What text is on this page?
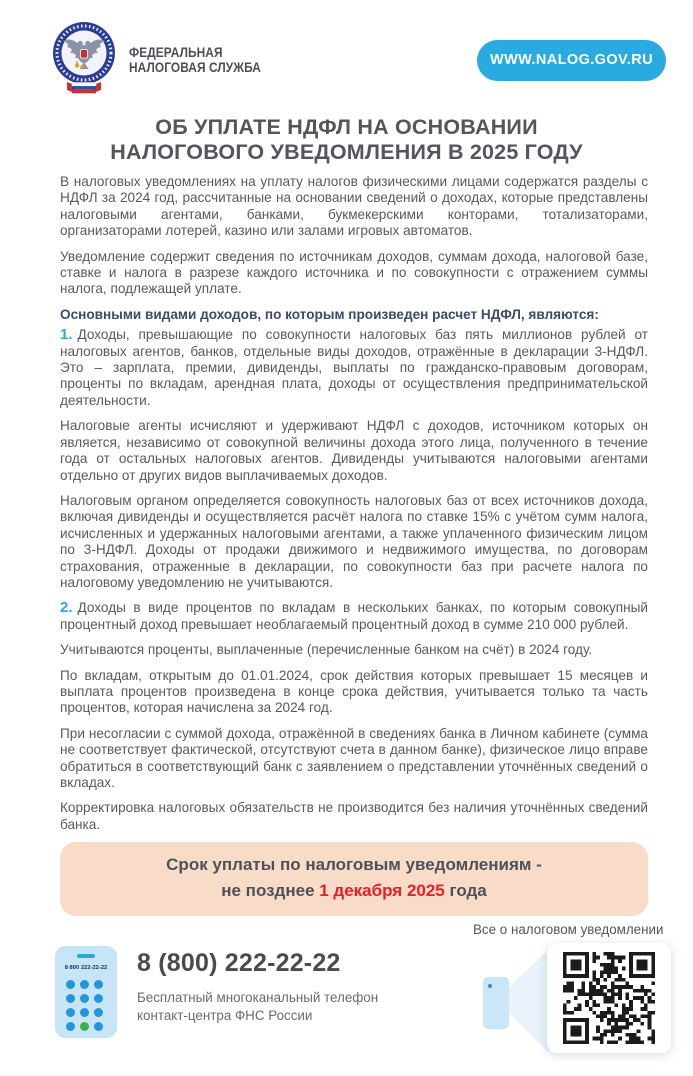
ФЕДЕРАЛЬНАЯ
НАЛОГОВАЯ СЛУЖБА	WWW.NALOG.GOV.RU
ОБ УПЛАТЕ НДФЛ НА ОСНОВАНИИ
НАЛОГОВОГО УВЕДОМЛЕНИЯ В 2025 ГОДУ

В налоговых уведомлениях на уплату налогов физическими лицами содержатся разделы с НДФЛ за 2024 год, рассчитанные на основании сведений о доходах, которые представлены налоговыми агентами, банками, букмекерскими конторами, тотализаторами, организаторами лотерей, казино или залами игровых автоматов.

Уведомление содержит сведения по источникам доходов, суммам дохода, налоговой базе, ставке и налога в разрезе каждого источника и по совокупности с отражением суммы налога, подлежащей уплате.

Основными видами доходов, по которым произведен расчет НДФЛ, являются:

1. Доходы, превышающие по совокупности налоговых баз пять миллионов рублей от налоговых агентов, банков, отдельные виды доходов, отражённые в декларации 3-НДФЛ. Это – зарплата, премии, дивиденды, выплаты по гражданско-правовым договорам, проценты по вкладам, арендная плата, доходы от осуществления предпринимательской деятельности.

Налоговые агенты исчисляют и удерживают НДФЛ с доходов, источником которых он является, независимо от совокупной величины дохода этого лица, полученного в течение года от остальных налоговых агентов. Дивиденды учитываются налоговыми агентами отдельно от других видов выплачиваемых доходов.

Налоговым органом определяется совокупность налоговых баз от всех источников дохода, включая дивиденды и осуществляется расчёт налога по ставке 15% с учётом сумм налога, исчисленных и удержанных налоговыми агентами, а также уплаченного физическим лицом по 3-НДФЛ. Доходы от продажи движимого и недвижимого имущества, по договорам страхования, отраженные в декларации, по совокупности баз при расчете налога по налоговому уведомлению не учитываются.

2. Доходы в виде процентов по вкладам в нескольких банках, по которым совокупный процентный доход превышает необлагаемый процентный доход в сумме 210 000 рублей.

Учитываются проценты, выплаченные (перечисленные банком на счёт) в 2024 году.

По вкладам, открытым до 01.01.2024, срок действия которых превышает 15 месяцев и выплата процентов произведена в конце срока действия, учитывается только та часть процентов, которая начислена за 2024 год.

При несогласии с суммой дохода, отражённой в сведениях банка в Личном кабинете (сумма не соответствует фактической, отсутствуют счета в данном банке), физическое лицо вправе обратиться в соответствующий банк с заявлением о представлении уточнённых сведений о вкладах.

Корректировка налоговых обязательств не производится без наличия уточнённых сведений банка.

Срок уплаты по налоговым уведомлениям -
не позднее 1 декабря 2025 года
8 800 222-22-22	8 (800) 222-22-22
Бесплатный многоканальный телефон
контакт-центра ФНС России
Все о налоговом уведомлении
